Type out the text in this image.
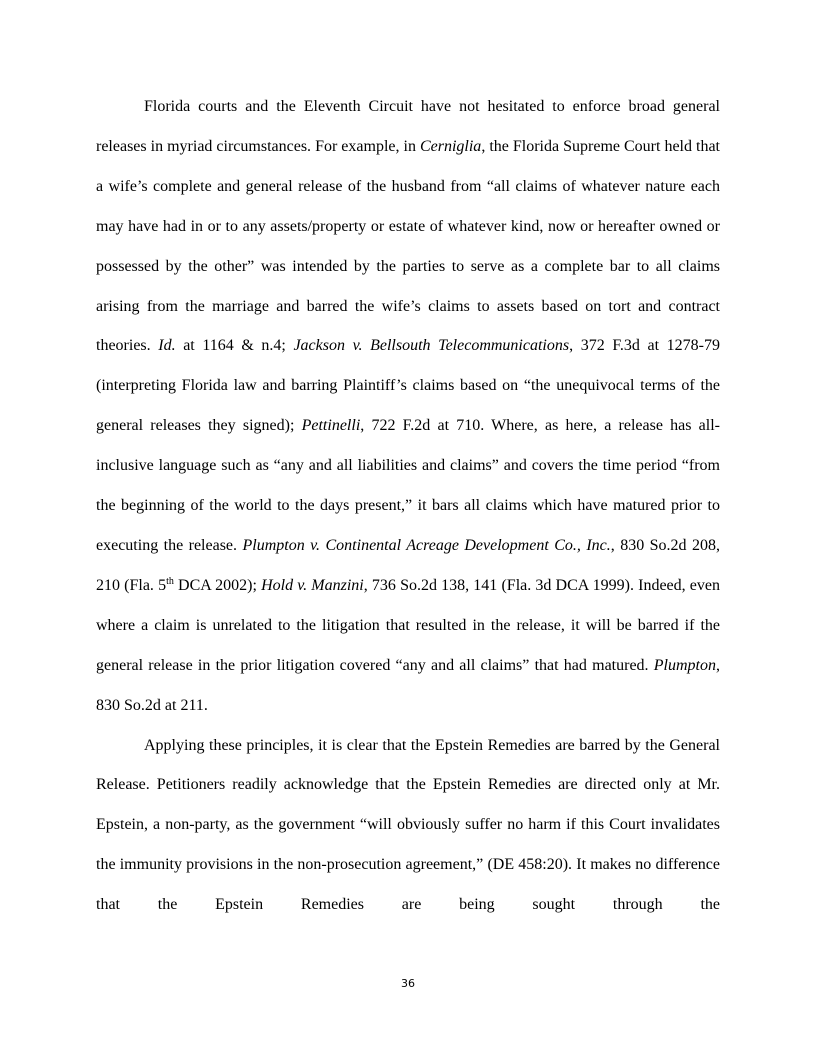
Florida courts and the Eleventh Circuit have not hesitated to enforce broad general releases in myriad circumstances. For example, in Cerniglia, the Florida Supreme Court held that a wife’s complete and general release of the husband from “all claims of whatever nature each may have had in or to any assets/property or estate of whatever kind, now or hereafter owned or possessed by the other” was intended by the parties to serve as a complete bar to all claims arising from the marriage and barred the wife’s claims to assets based on tort and contract theories. Id. at 1164 & n.4; Jackson v. Bellsouth Telecommunications, 372 F.3d at 1278-79 (interpreting Florida law and barring Plaintiff’s claims based on “the unequivocal terms of the general releases they signed); Pettinelli, 722 F.2d at 710. Where, as here, a release has all-inclusive language such as “any and all liabilities and claims” and covers the time period “from the beginning of the world to the days present,” it bars all claims which have matured prior to executing the release. Plumpton v. Continental Acreage Development Co., Inc., 830 So.2d 208, 210 (Fla. 5th DCA 2002); Hold v. Manzini, 736 So.2d 138, 141 (Fla. 3d DCA 1999). Indeed, even where a claim is unrelated to the litigation that resulted in the release, it will be barred if the general release in the prior litigation covered “any and all claims” that had matured. Plumpton, 830 So.2d at 211.

Applying these principles, it is clear that the Epstein Remedies are barred by the General Release. Petitioners readily acknowledge that the Epstein Remedies are directed only at Mr. Epstein, a non-party, as the government “will obviously suffer no harm if this Court invalidates the immunity provisions in the non-prosecution agreement,” (DE 458:20). It makes no difference that the Epstein Remedies are being sought through the

36
